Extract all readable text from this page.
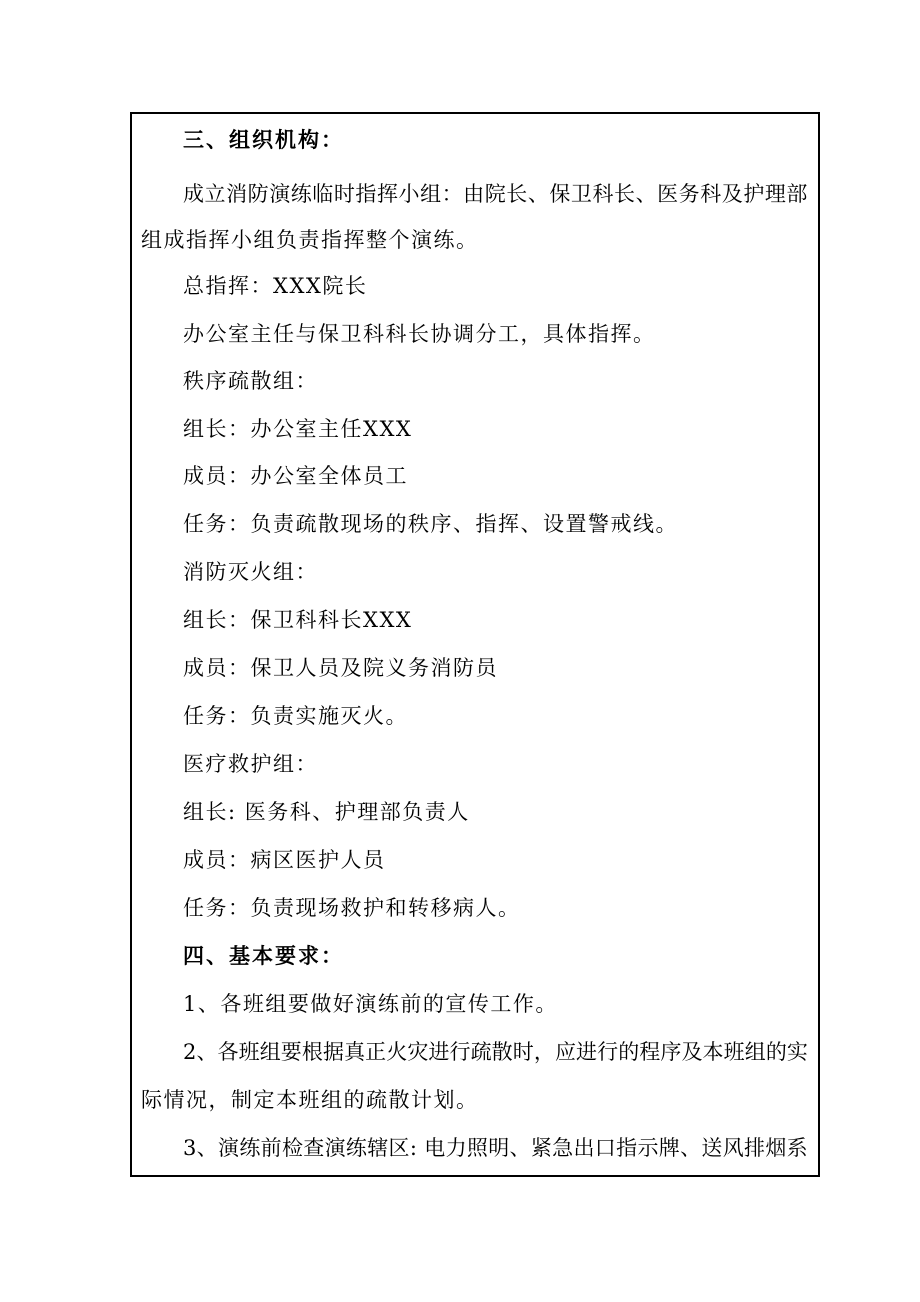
三、组织机构：
成立消防演练临时指挥小组：由院长、保卫科长、医务科及护理部
组成指挥小组负责指挥整个演练。
总指挥：XXX院长
办公室主任与保卫科科长协调分工，具体指挥。
秩序疏散组：
组长：办公室主任XXX
成员：办公室全体员工
任务：负责疏散现场的秩序、指挥、设置警戒线。
消防灭火组：
组长：保卫科科长XXX
成员：保卫人员及院义务消防员
任务：负责实施灭火。
医疗救护组：
组长: 医务科、护理部负责人
成员：病区医护人员
任务：负责现场救护和转移病人。
四、基本要求：
1、各班组要做好演练前的宣传工作。
2、各班组要根据真正火灾进行疏散时，应进行的程序及本班组的实
际情况，制定本班组的疏散计划。
3、演练前检查演练辖区: 电力照明、紧急出口指示牌、送风排烟系
